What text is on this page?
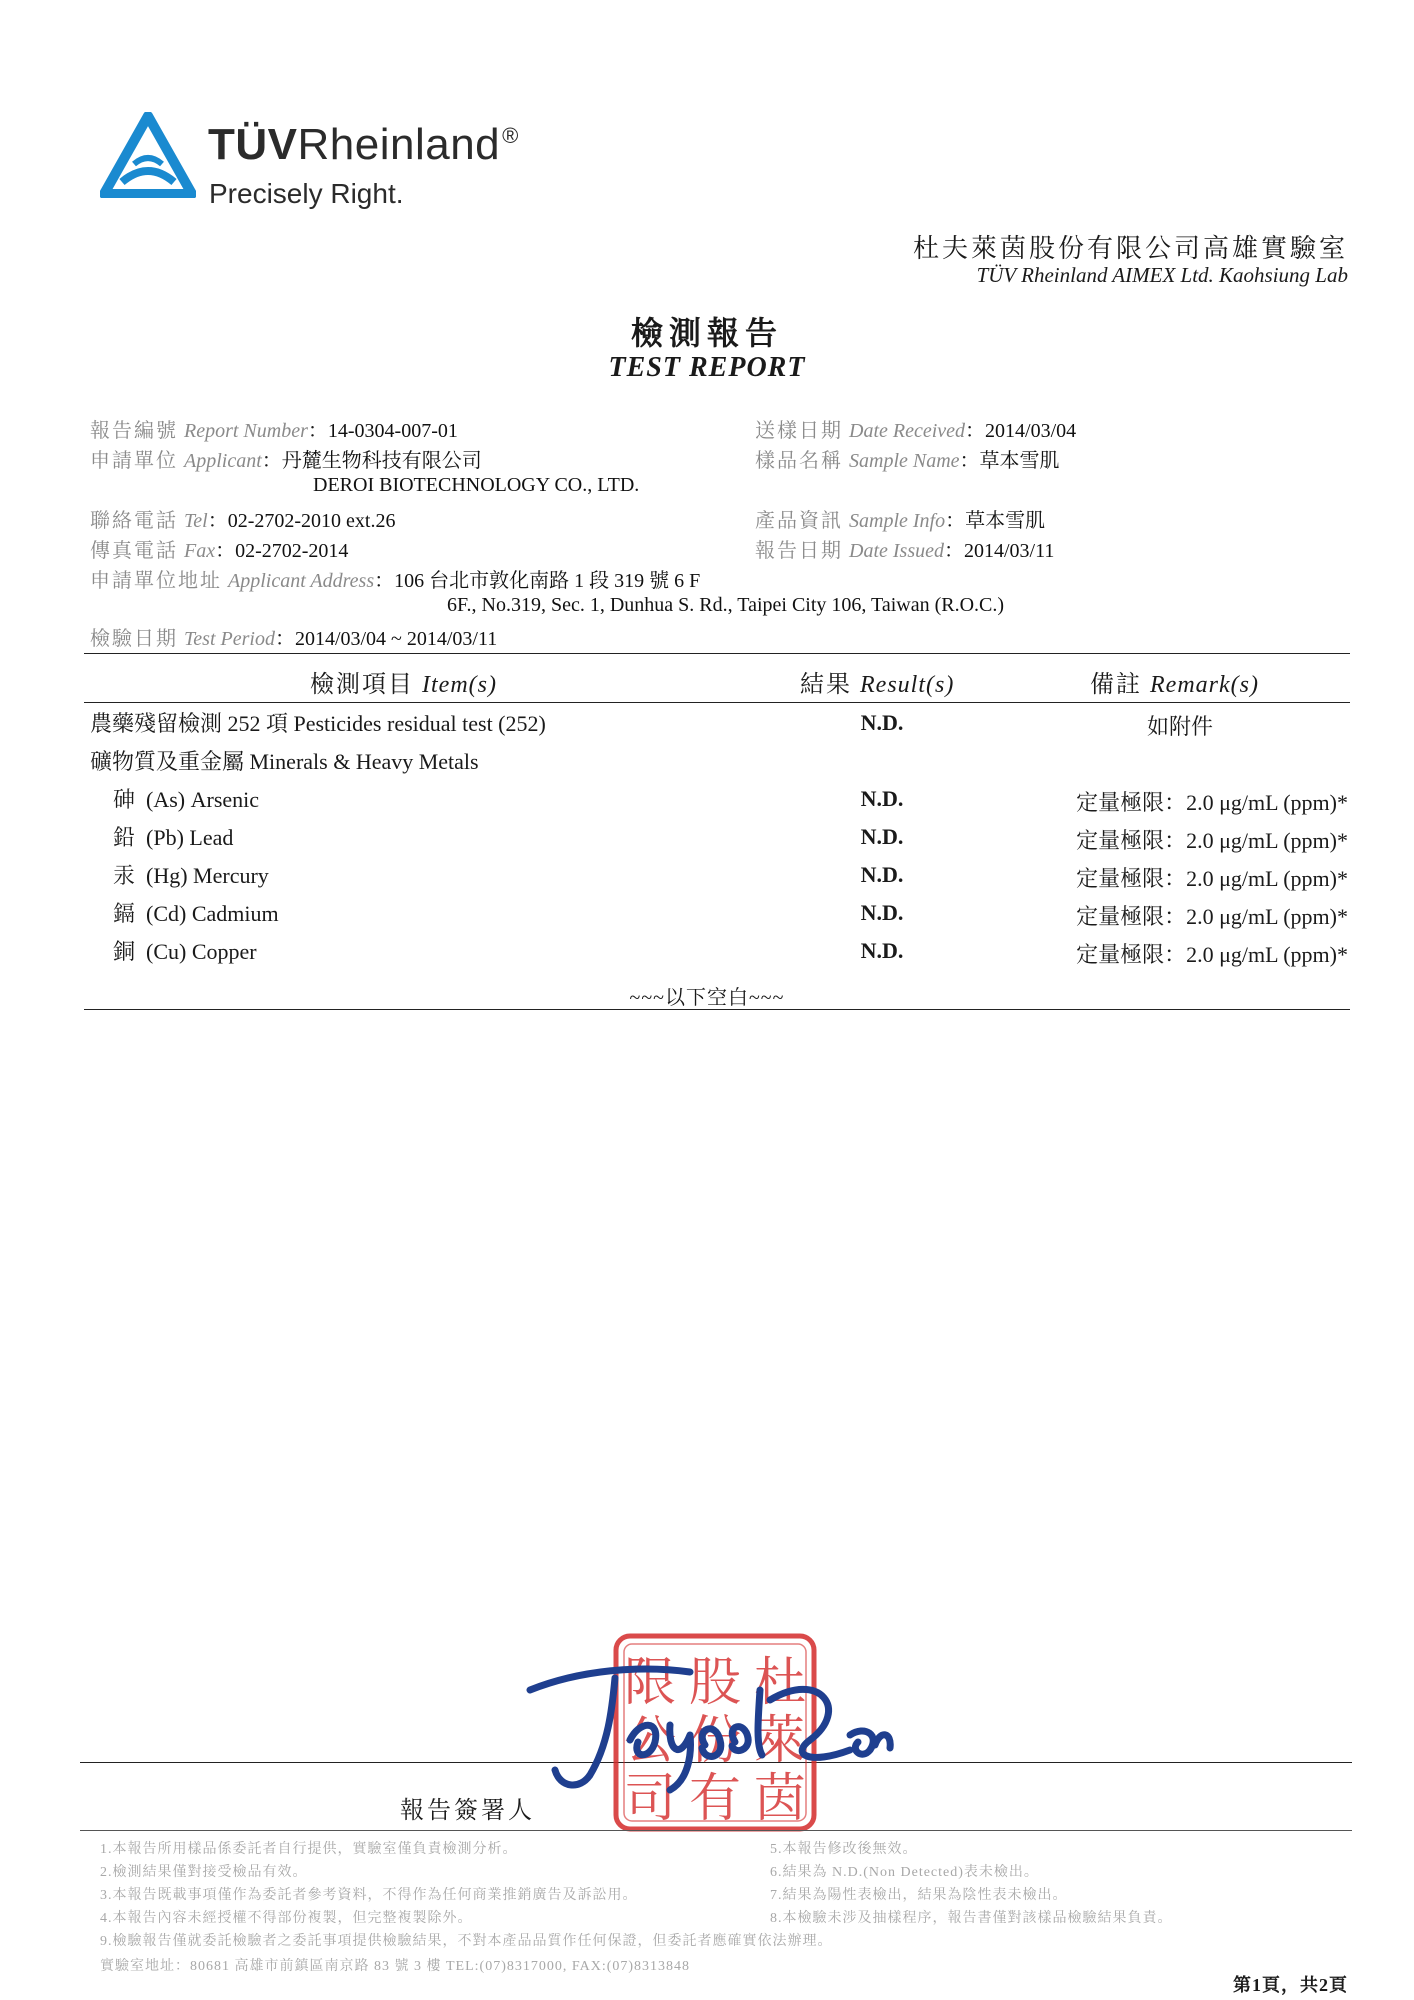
TÜVRheinland®
Precisely Right.
杜夫萊茵股份有限公司高雄實驗室
TÜV Rheinland AIMEX Ltd. Kaohsiung Lab
檢測報告
TEST REPORT
報告編號 Report Number：14-0304-007-01	送樣日期 Date Received：2014/03/04
申請單位 Applicant：丹麓生物科技有限公司	樣品名稱 Sample Name：草本雪肌
DEROI BIOTECHNOLOGY CO., LTD.
聯絡電話 Tel：02-2702-2010 ext.26	產品資訊 Sample Info：草本雪肌
傳真電話 Fax：02-2702-2014	報告日期 Date Issued：2014/03/11
申請單位地址 Applicant Address：106 台北市敦化南路 1 段 319 號 6 F
6F., No.319, Sec. 1, Dunhua S. Rd., Taipei City 106, Taiwan (R.O.C.)
檢驗日期 Test Period：2014/03/04 ~ 2014/03/11
檢測項目 Item(s)	結果 Result(s)	備註 Remark(s)
農藥殘留檢測 252 項 Pesticides residual test (252)	N.D.	如附件
礦物質及重金屬 Minerals & Heavy Metals
砷 (As) Arsenic	N.D.	定量極限：2.0 μg/mL (ppm)*
鉛 (Pb) Lead	N.D.	定量極限：2.0 μg/mL (ppm)*
汞 (Hg) Mercury	N.D.	定量極限：2.0 μg/mL (ppm)*
鎘 (Cd) Cadmium	N.D.	定量極限：2.0 μg/mL (ppm)*
銅 (Cu) Copper	N.D.	定量極限：2.0 μg/mL (ppm)*
~~~以下空白~~~
報告簽署人
杜
萊
茵
股
份
有
限
公
司
1.本報告所用樣品係委託者自行提供，實驗室僅負責檢測分析。
2.檢測結果僅對接受檢品有效。
3.本報告既載事項僅作為委託者參考資料，不得作為任何商業推銷廣告及訴訟用。
4.本報告內容未經授權不得部份複製，但完整複製除外。
9.檢驗報告僅就委託檢驗者之委託事項提供檢驗結果，不對本產品品質作任何保證，但委託者應確實依法辦理。
5.本報告修改後無效。
6.結果為 N.D.(Non Detected)表未檢出。
7.結果為陽性表檢出，結果為陰性表未檢出。
8.本檢驗未涉及抽樣程序，報告書僅對該樣品檢驗結果負責。
實驗室地址：80681 高雄市前鎮區南京路 83 號 3 樓 TEL:(07)8317000, FAX:(07)8313848
第1頁，共2頁
